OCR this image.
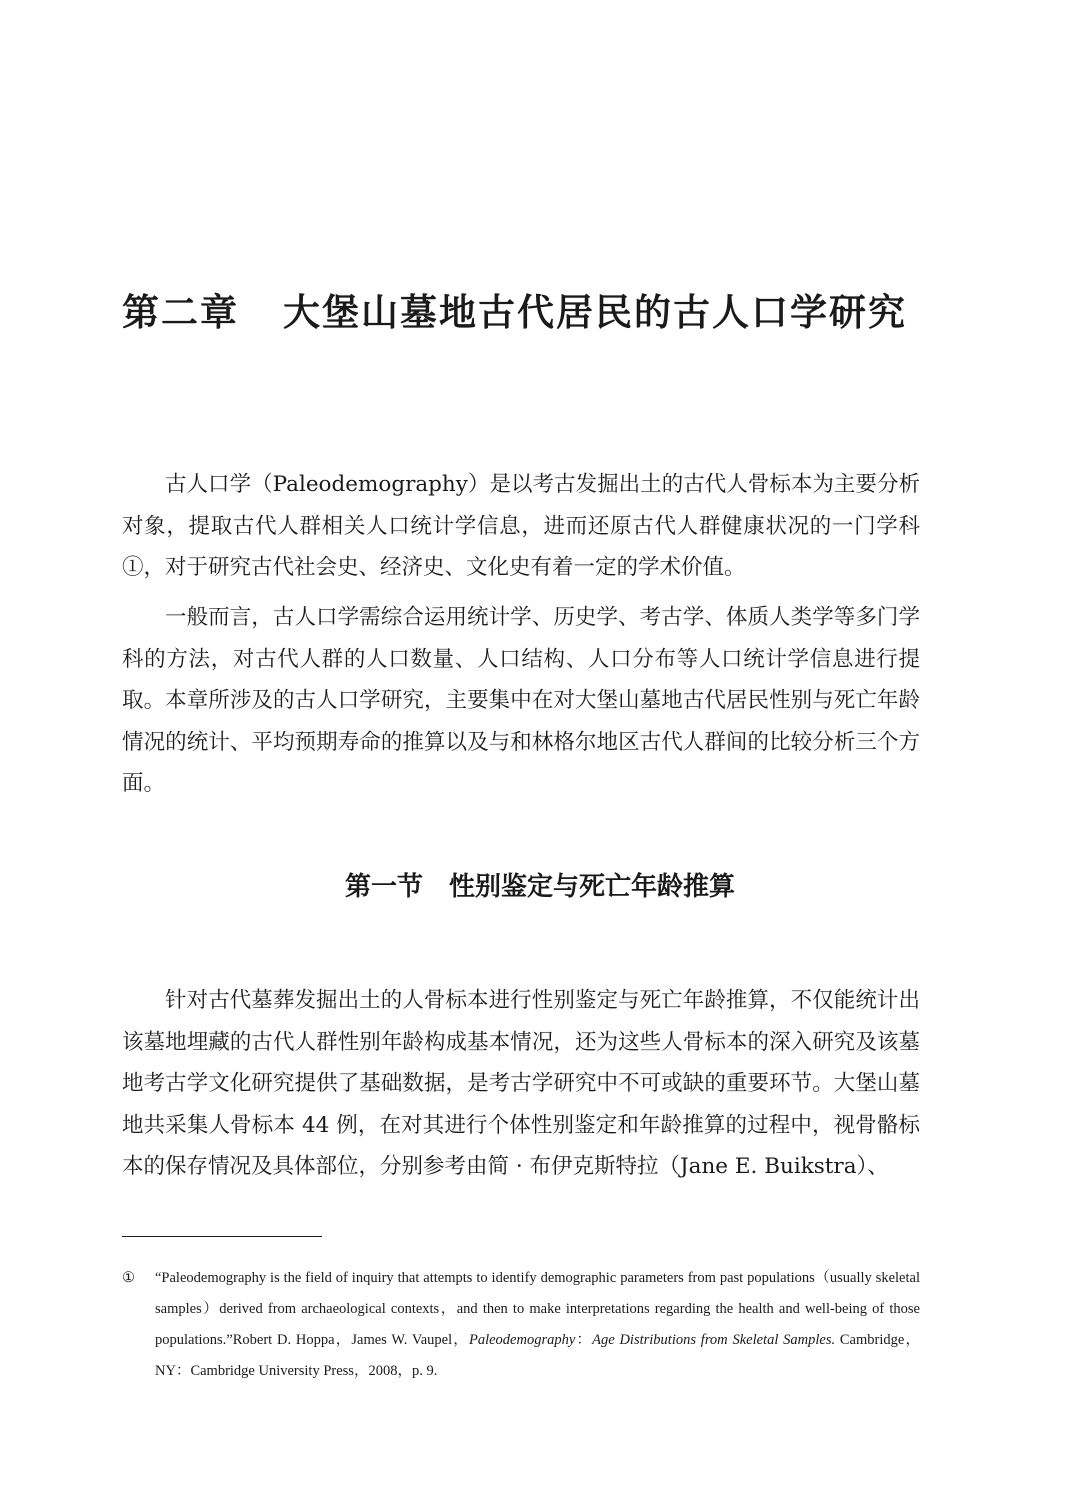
第二章 大堡山墓地古代居民的古人口学研究

古人口学（Paleodemography）是以考古发掘出土的古代人骨标本为主要分析对象，提取古代人群相关人口统计学信息，进而还原古代人群健康状况的一门学科①，对于研究古代社会史、经济史、文化史有着一定的学术价值。

一般而言，古人口学需综合运用统计学、历史学、考古学、体质人类学等多门学科的方法，对古代人群的人口数量、人口结构、人口分布等人口统计学信息进行提取。本章所涉及的古人口学研究，主要集中在对大堡山墓地古代居民性别与死亡年龄情况的统计、平均预期寿命的推算以及与和林格尔地区古代人群间的比较分析三个方面。

第一节 性别鉴定与死亡年龄推算

针对古代墓葬发掘出土的人骨标本进行性别鉴定与死亡年龄推算，不仅能统计出该墓地埋藏的古代人群性别年龄构成基本情况，还为这些人骨标本的深入研究及该墓地考古学文化研究提供了基础数据，是考古学研究中不可或缺的重要环节。大堡山墓地共采集人骨标本 44 例，在对其进行个体性别鉴定和年龄推算的过程中，视骨骼标本的保存情况及具体部位，分别参考由简 · 布伊克斯特拉（Jane E. Buikstra）、

① “Paleodemography is the field of inquiry that attempts to identify demographic parameters from past populations（usually skeletal samples）derived from archaeological contexts，and then to make interpretations regarding the health and well-being of those populations.”Robert D. Hoppa，James W. Vaupel，Paleodemography：Age Distributions from Skeletal Samples. Cambridge，NY：Cambridge University Press，2008，p. 9.
